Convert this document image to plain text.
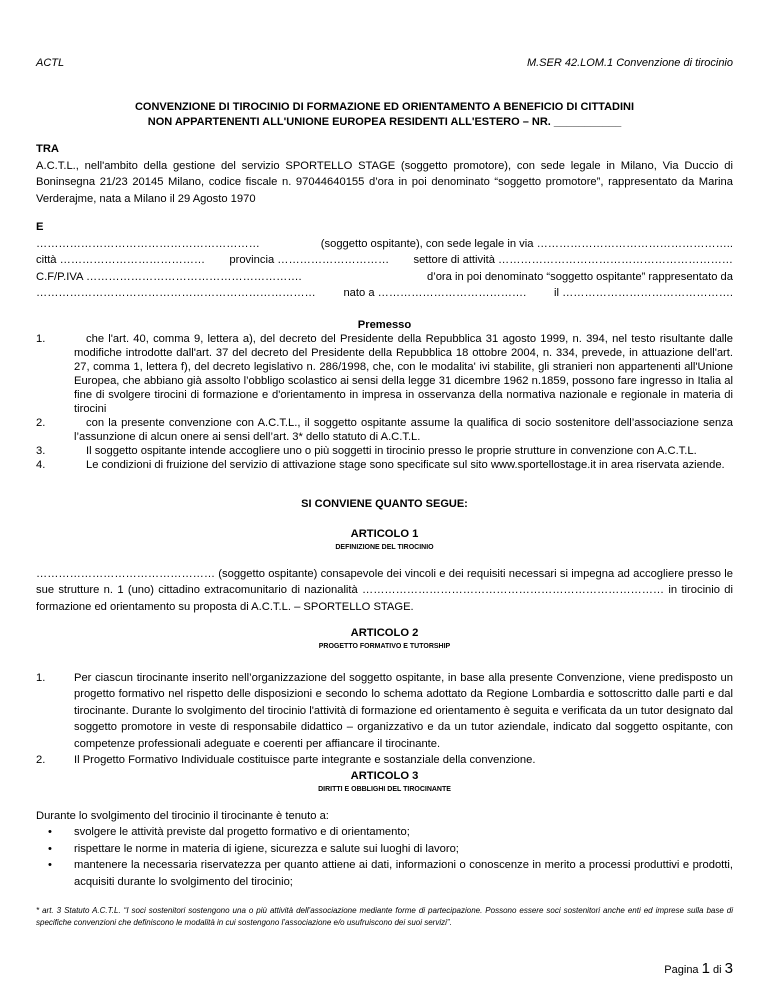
ACTL	M.SER 42.LOM.1 Convenzione di tirocinio
CONVENZIONE DI TIROCINIO DI FORMAZIONE ED ORIENTAMENTO A BENEFICIO DI CITTADINI
NON APPARTENENTI ALL'UNIONE EUROPEA RESIDENTI ALL'ESTERO – NR. ___________
TRA
A.C.T.L., nell'ambito della gestione del servizio SPORTELLO STAGE (soggetto promotore), con sede legale in Milano, Via Duccio di Boninsegna 21/23 20145 Milano, codice fiscale n. 97044640155 d’ora in poi denominato “soggetto promotore”, rappresentato da Marina Verderajme, nata a Milano il 29 Agosto 1970
E
……………………………………………………	(soggetto ospitante), con sede legale in via ……………………………………………..
città ………………………………… provincia ………………………… settore di attività ………………………………………………………
C.F/P.IVA ………………………………………………….	d’ora in poi denominato “soggetto ospitante” rappresentato da
………………………………………………………………… nato a …………………………………. il ……………………………………….
Premesso
1.	che l'art. 40, comma 9, lettera a), del decreto del Presidente della Repubblica 31 agosto 1999, n. 394, nel testo risultante dalle modifiche introdotte dall'art. 37 del decreto del Presidente della Repubblica 18 ottobre 2004, n. 334, prevede, in attuazione dell'art. 27, comma 1, lettera f), del decreto legislativo n. 286/1998, che, con le modalita' ivi stabilite, gli stranieri non appartenenti all'Unione Europea, che abbiano già assolto l’obbligo scolastico ai sensi della legge 31 dicembre 1962 n.1859, possono fare ingresso in Italia al fine di svolgere tirocini di formazione e d'orientamento in impresa in osservanza della normativa nazionale e regionale in materia di tirocini
2.	con la presente convenzione con A.C.T.L., il soggetto ospitante assume la qualifica di socio sostenitore dell’associazione senza l’assunzione di alcun onere ai sensi dell’art. 3* dello statuto di A.C.T.L.
3.	Il soggetto ospitante intende accogliere uno o più soggetti in tirocinio presso le proprie strutture in convenzione con A.C.T.L.
4.	Le condizioni di fruizione del servizio di attivazione stage sono specificate sul sito www.sportellostage.it in area riservata aziende.
SI CONVIENE QUANTO SEGUE:
ARTICOLO 1
DEFINIZIONE DEL TIROCINIO
………………………………………… (soggetto ospitante) consapevole dei vincoli e dei requisiti necessari si impegna ad accogliere presso le sue strutture n. 1 (uno) cittadino extracomunitario di nazionalità ……………………………………………………………………… in tirocinio di formazione ed orientamento su proposta di A.C.T.L. – SPORTELLO STAGE.
ARTICOLO 2
PROGETTO FORMATIVO E TUTORSHIP
1.	Per ciascun tirocinante inserito nell’organizzazione del soggetto ospitante, in base alla presente Convenzione, viene predisposto un progetto formativo nel rispetto delle disposizioni e secondo lo schema adottato da Regione Lombardia e sottoscritto dalle parti e dal tirocinante. Durante lo svolgimento del tirocinio l'attività di formazione ed orientamento è seguita e verificata da un tutor designato dal soggetto promotore in veste di responsabile didattico – organizzativo e da un tutor aziendale, indicato dal soggetto ospitante, con competenze professionali adeguate e coerenti per affiancare il tirocinante.
2.	Il Progetto Formativo Individuale costituisce parte integrante e sostanziale della convenzione.
ARTICOLO 3
DIRITTI E OBBLIGHI DEL TIROCINANTE
Durante lo svolgimento del tirocinio il tirocinante è tenuto a:
• svolgere le attività previste dal progetto formativo e di orientamento;
• rispettare le norme in materia di igiene, sicurezza e salute sui luoghi di lavoro;
• mantenere la necessaria riservatezza per quanto attiene ai dati, informazioni o conoscenze in merito a processi produttivi e prodotti, acquisiti durante lo svolgimento del tirocinio;
* art. 3 Statuto A.C.T.L. “I soci sostenitori sostengono una o più attività dell’associazione mediante forme di partecipazione. Possono essere soci sostenitori anche enti ed imprese sulla base di specifiche convenzioni che definiscono le modalità in cui sostengono l’associazione e/o usufruiscono dei suoi servizi”.
Pagina 1 di 3
